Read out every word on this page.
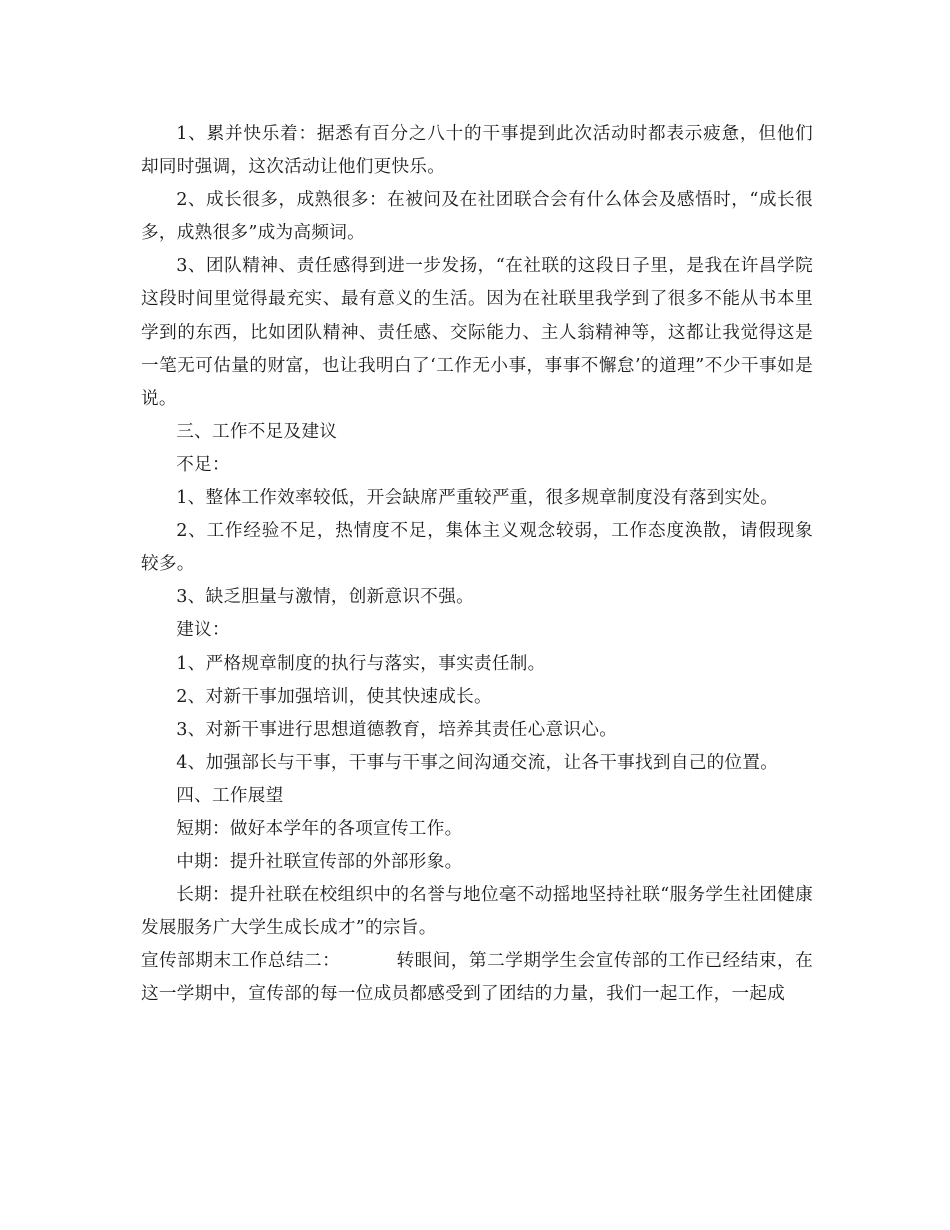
1、累并快乐着：据悉有百分之八十的干事提到此次活动时都表示疲惫，但他们却同时强调，这次活动让他们更快乐。

2、成长很多，成熟很多：在被问及在社团联合会有什么体会及感悟时，“成长很多，成熟很多”成为高频词。

3、团队精神、责任感得到进一步发扬，“在社联的这段日子里，是我在许昌学院这段时间里觉得最充实、最有意义的生活。因为在社联里我学到了很多不能从书本里学到的东西，比如团队精神、责任感、交际能力、主人翁精神等，这都让我觉得这是一笔无可估量的财富，也让我明白了‘工作无小事，事事不懈怠’的道理”不少干事如是说。

三、工作不足及建议

不足：

1、整体工作效率较低，开会缺席严重较严重，很多规章制度没有落到实处。

2、工作经验不足，热情度不足，集体主义观念较弱，工作态度涣散，请假现象较多。

3、缺乏胆量与激情，创新意识不强。

建议：

1、严格规章制度的执行与落实，事实责任制。

2、对新干事加强培训，使其快速成长。

3、对新干事进行思想道德教育，培养其责任心意识心。

4、加强部长与干事，干事与干事之间沟通交流，让各干事找到自己的位置。

四、工作展望

短期：做好本学年的各项宣传工作。

中期：提升社联宣传部的外部形象。

长期：提升社联在校组织中的名誉与地位毫不动摇地坚持社联“服务学生社团健康发展服务广大学生成长成才”的宗旨。

宣传部期末工作总结二：	转眼间，第二学期学生会宣传部的工作已经结束，在这一学期中，宣传部的每一位成员都感受到了团结的力量，我们一起工作，一起成
